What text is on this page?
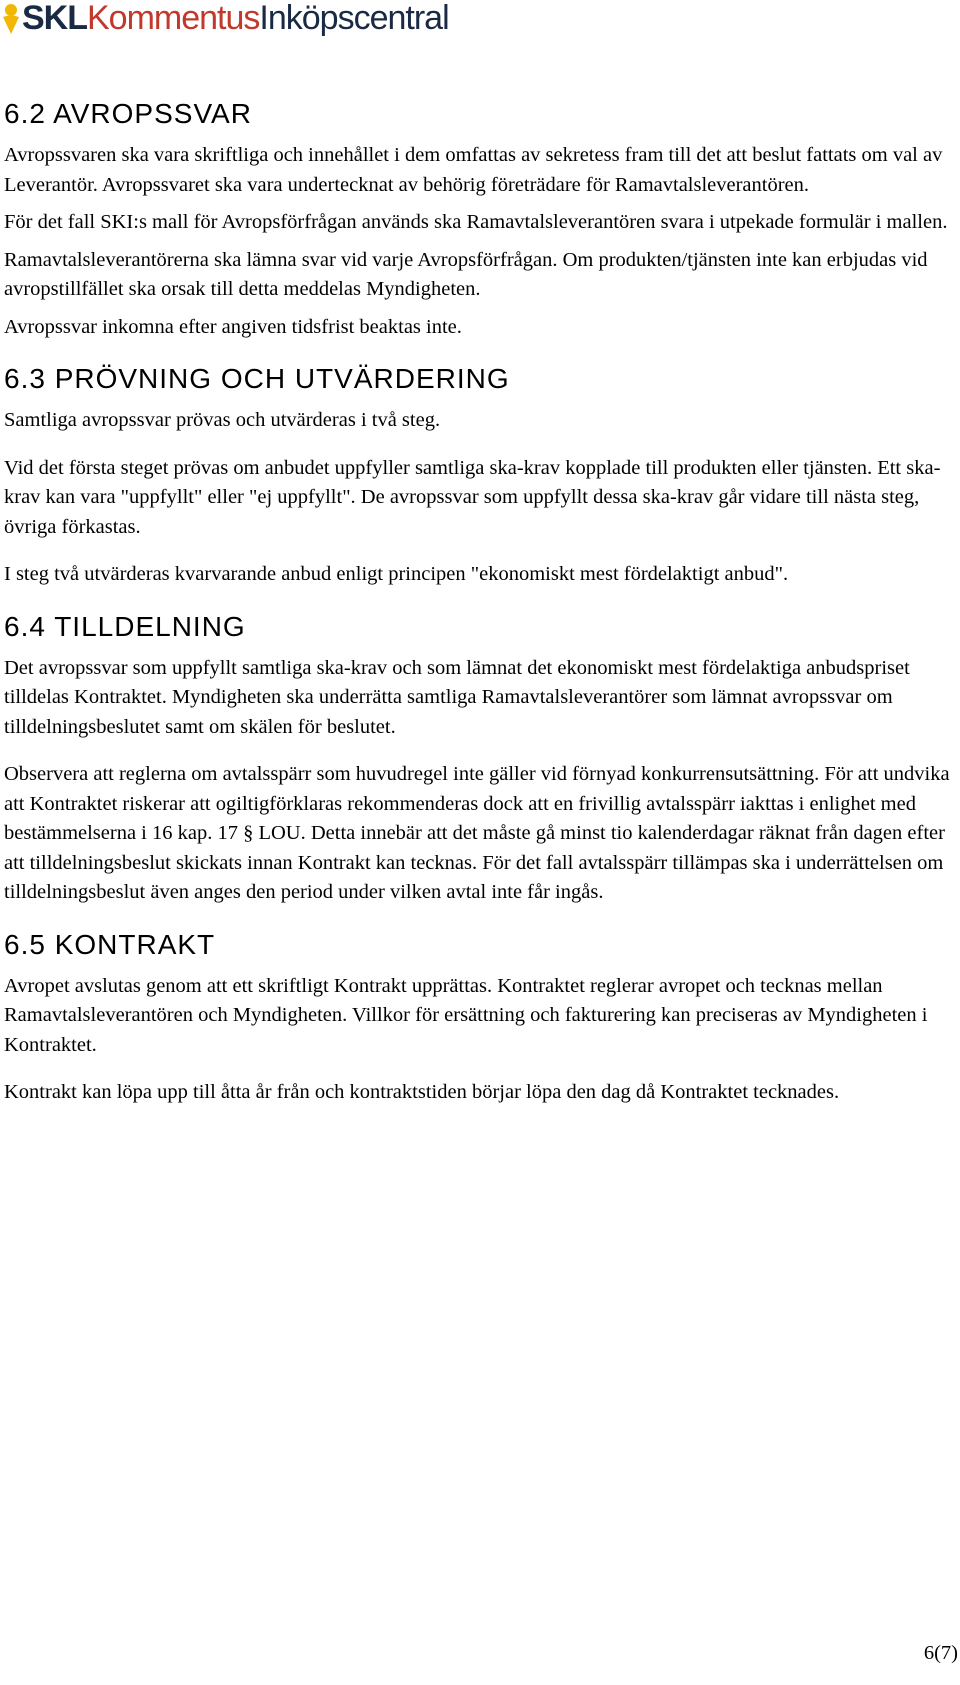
SKLKommentusInköpscentral
6.2 AVROPSSVAR

Avropssvaren ska vara skriftliga och innehållet i dem omfattas av sekretess fram till det att beslut fattats om val av Leverantör. Avropssvaret ska vara undertecknat av behörig företrädare för Ramavtalsleverantören.

För det fall SKI:s mall för Avropsförfrågan används ska Ramavtalsleverantören svara i utpekade formulär i mallen.

Ramavtalsleverantörerna ska lämna svar vid varje Avropsförfrågan. Om produkten/tjänsten inte kan erbjudas vid avropstillfället ska orsak till detta meddelas Myndigheten.

Avropssvar inkomna efter angiven tidsfrist beaktas inte.

6.3 PRÖVNING OCH UTVÄRDERING

Samtliga avropssvar prövas och utvärderas i två steg.

Vid det första steget prövas om anbudet uppfyller samtliga ska-krav kopplade till produkten eller tjänsten. Ett ska-krav kan vara "uppfyllt" eller "ej uppfyllt". De avropssvar som uppfyllt dessa ska-krav går vidare till nästa steg, övriga förkastas.

I steg två utvärderas kvarvarande anbud enligt principen "ekonomiskt mest fördelaktigt anbud".

6.4 TILLDELNING

Det avropssvar som uppfyllt samtliga ska-krav och som lämnat det ekonomiskt mest fördelaktiga anbudspriset tilldelas Kontraktet. Myndigheten ska underrätta samtliga Ramavtalsleverantörer som lämnat avropssvar om tilldelningsbeslutet samt om skälen för beslutet.

Observera att reglerna om avtalsspärr som huvudregel inte gäller vid förnyad konkurrensutsättning. För att undvika att Kontraktet riskerar att ogiltigförklaras rekommenderas dock att en frivillig avtalsspärr iakttas i enlighet med bestämmelserna i 16 kap. 17 § LOU. Detta innebär att det måste gå minst tio kalenderdagar räknat från dagen efter att tilldelningsbeslut skickats innan Kontrakt kan tecknas. För det fall avtalsspärr tillämpas ska i underrättelsen om tilldelningsbeslut även anges den period under vilken avtal inte får ingås.

6.5 KONTRAKT

Avropet avslutas genom att ett skriftligt Kontrakt upprättas. Kontraktet reglerar avropet och tecknas mellan Ramavtalsleverantören och Myndigheten. Villkor för ersättning och fakturering kan preciseras av Myndigheten i Kontraktet.

Kontrakt kan löpa upp till åtta år från och kontraktstiden börjar löpa den dag då Kontraktet tecknades.

6(7)
